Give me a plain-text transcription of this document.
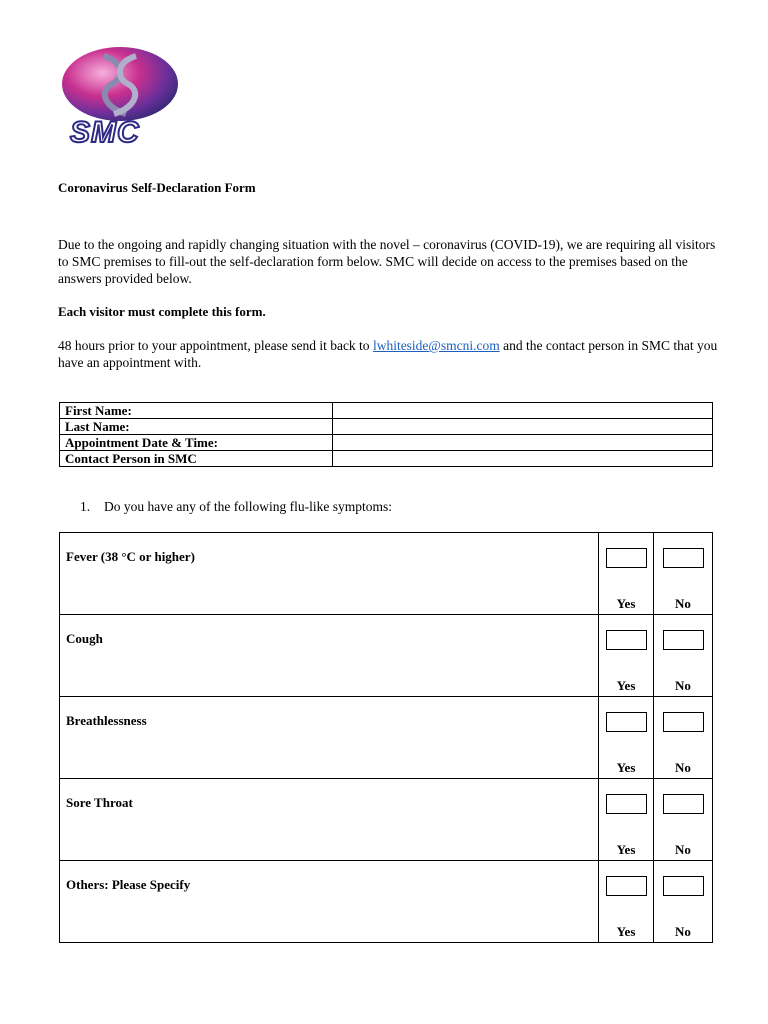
SMC
Coronavirus Self-Declaration Form
Due to the ongoing and rapidly changing situation with the novel – coronavirus (COVID-19), we are requiring all visitors to SMC premises to fill-out the self-declaration form below. SMC will decide on access to the premises based on the answers provided below.
Each visitor must complete this form.
48 hours prior to your appointment, please send it back to lwhiteside@smcni.com and the contact person in SMC that you have an appointment with.
First Name:	
Last Name:	
Appointment Date & Time:	
Contact Person in SMC	
1. Do you have any of the following flu-like symptoms:
Fever (38 °C or higher)	Yes	No

Cough	Yes	No

Breathlessness	Yes	No

Sore Throat	Yes	No

Others: Please Specify	Yes	No
